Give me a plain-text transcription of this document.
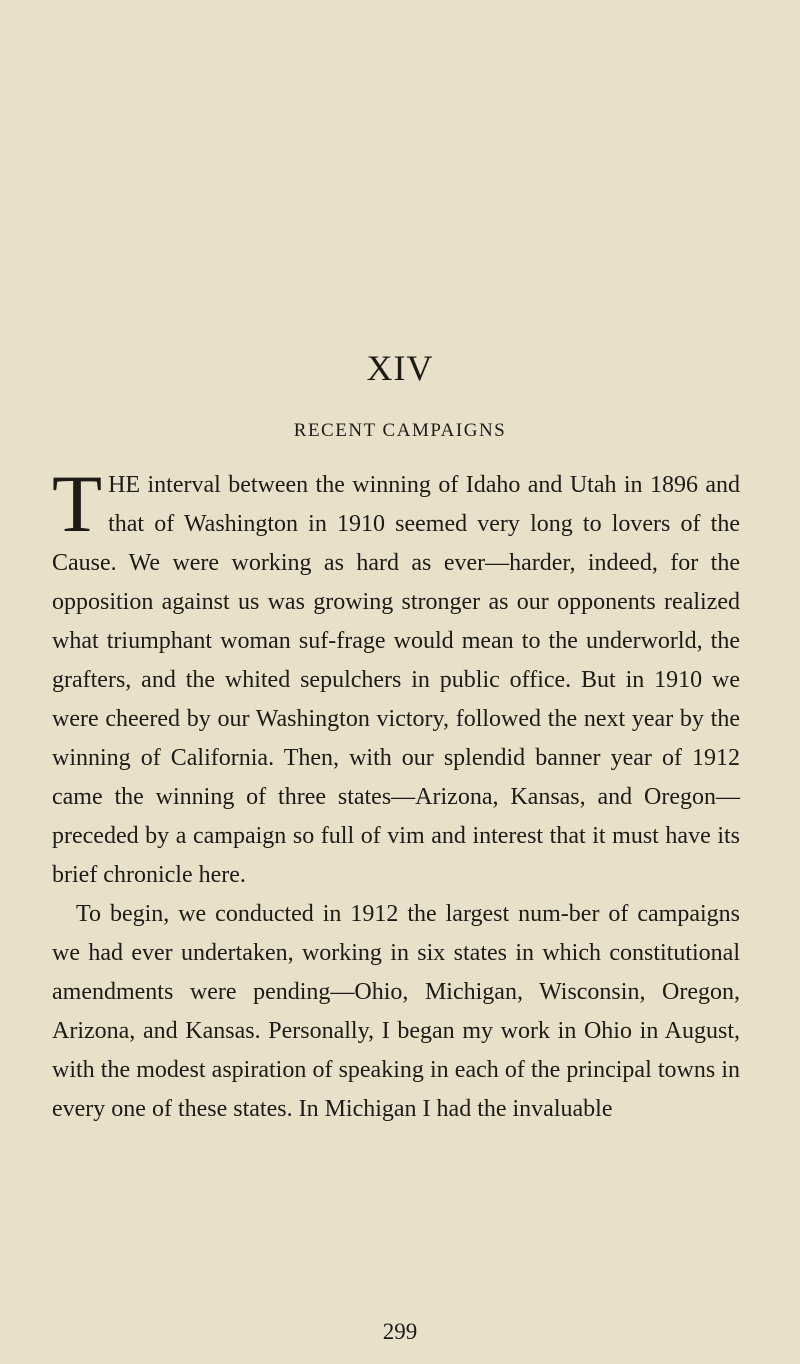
XIV
RECENT CAMPAIGNS

THE interval between the winning of Idaho and Utah in 1896 and that of Washington in 1910 seemed very long to lovers of the Cause. We were working as hard as ever—harder, indeed, for the opposition against us was growing stronger as our opponents realized what triumphant woman suf-frage would mean to the underworld, the grafters, and the whited sepulchers in public office. But in 1910 we were cheered by our Washington victory, followed the next year by the winning of California. Then, with our splendid banner year of 1912 came the winning of three states—Arizona, Kansas, and Oregon—preceded by a campaign so full of vim and interest that it must have its brief chronicle here.

To begin, we conducted in 1912 the largest num-ber of campaigns we had ever undertaken, working in six states in which constitutional amendments were pending—Ohio, Michigan, Wisconsin, Oregon, Arizona, and Kansas. Personally, I began my work in Ohio in August, with the modest aspiration of speaking in each of the principal towns in every one of these states. In Michigan I had the invaluable

299
